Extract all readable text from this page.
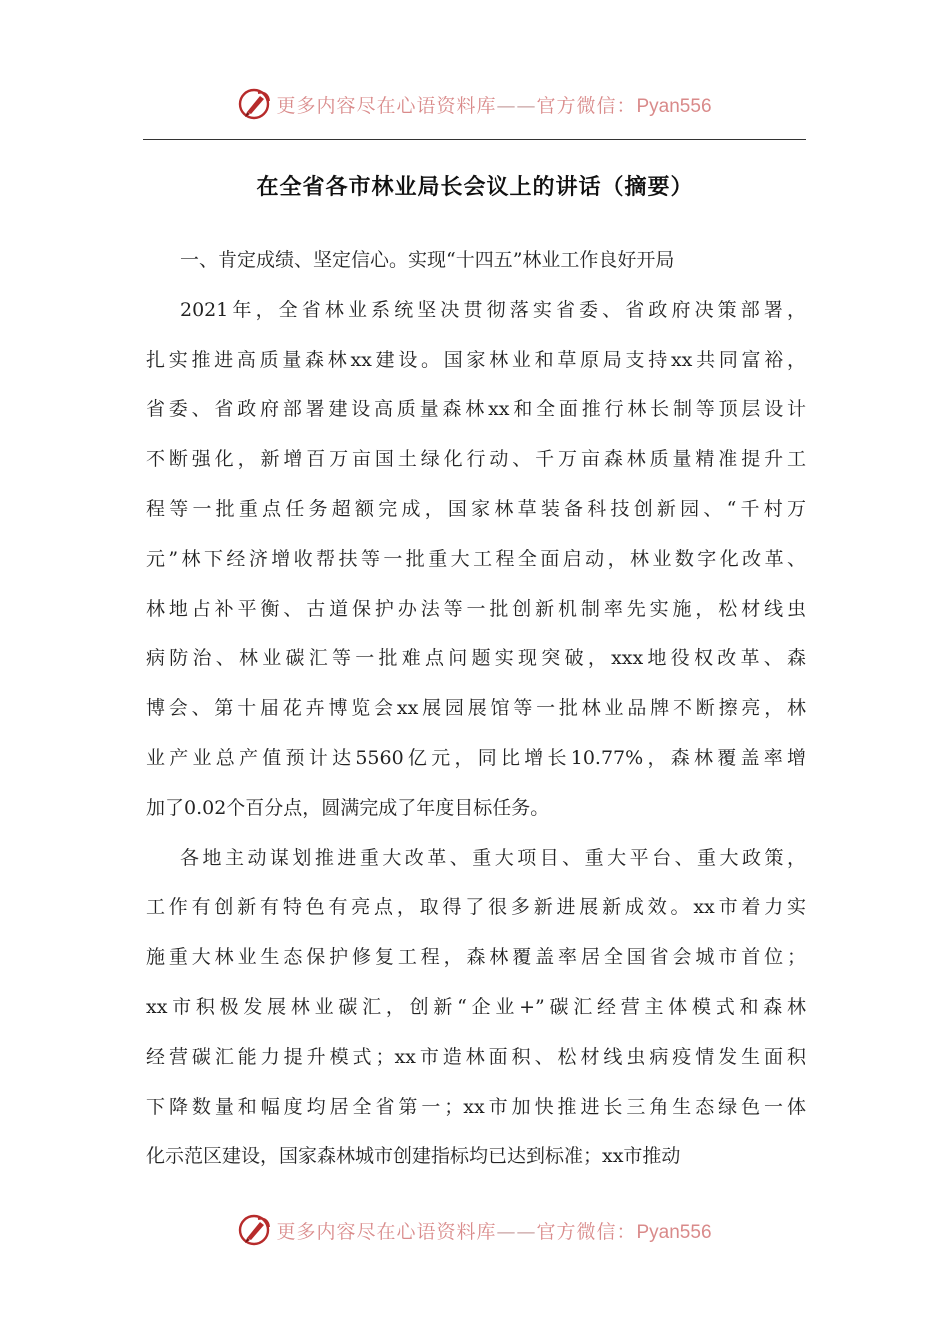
更多内容尽在心语资料库——官方微信：Pyan556
在全省各市林业局长会议上的讲话（摘要）
一、肯定成绩、坚定信心。实现“十四五”林业工作良好开局
2021年，全省林业系统坚决贯彻落实省委、省政府决策部署，
扎实推进高质量森林xx建设。国家林业和草原局支持xx共同富裕，
省委、省政府部署建设高质量森林xx和全面推行林长制等顶层设计
不断强化，新增百万亩国土绿化行动、千万亩森林质量精准提升工
程等一批重点任务超额完成，国家林草装备科技创新园、“千村万
元”林下经济增收帮扶等一批重大工程全面启动，林业数字化改革、
林地占补平衡、古道保护办法等一批创新机制率先实施，松材线虫
病防治、林业碳汇等一批难点问题实现突破，xxx地役权改革、森
博会、第十届花卉博览会xx展园展馆等一批林业品牌不断擦亮，林
业产业总产值预计达5560亿元，同比增长10.77%，森林覆盖率增
加了0.02个百分点，圆满完成了年度目标任务。
各地主动谋划推进重大改革、重大项目、重大平台、重大政策，
工作有创新有特色有亮点，取得了很多新进展新成效。xx市着力实
施重大林业生态保护修复工程，森林覆盖率居全国省会城市首位；
xx市积极发展林业碳汇，创新“企业+”碳汇经营主体模式和森林
经营碳汇能力提升模式；xx市造林面积、松材线虫病疫情发生面积
下降数量和幅度均居全省第一；xx市加快推进长三角生态绿色一体
化示范区建设，国家森林城市创建指标均已达到标准；xx市推动
更多内容尽在心语资料库——官方微信：Pyan556
